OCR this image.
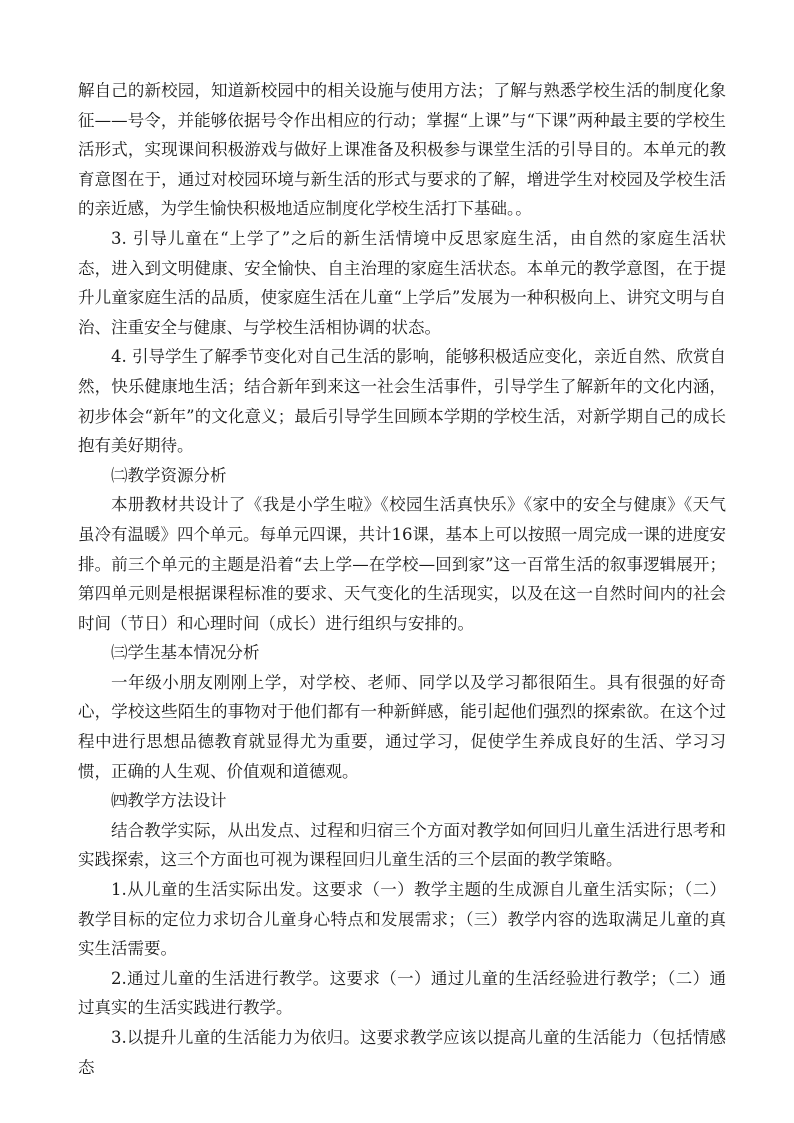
解自己的新校园，知道新校园中的相关设施与使用方法；了解与熟悉学校生活的制度化象征——号令，并能够依据号令作出相应的行动；掌握“上课”与“下课”两种最主要的学校生活形式，实现课间积极游戏与做好上课准备及积极参与课堂生活的引导目的。本单元的教育意图在于，通过对校园环境与新生活的形式与要求的了解，增进学生对校园及学校生活的亲近感，为学生愉快积极地适应制度化学校生活打下基础。。

3. 引导儿童在“上学了”之后的新生活情境中反思家庭生活，由自然的家庭生活状态，进入到文明健康、安全愉快、自主治理的家庭生活状态。本单元的教学意图，在于提升儿童家庭生活的品质，使家庭生活在儿童“上学后”发展为一种积极向上、讲究文明与自治、注重安全与健康、与学校生活相协调的状态。

4. 引导学生了解季节变化对自己生活的影响，能够积极适应变化，亲近自然、欣赏自然，快乐健康地生活；结合新年到来这一社会生活事件，引导学生了解新年的文化内涵，初步体会“新年”的文化意义；最后引导学生回顾本学期的学校生活，对新学期自己的成长抱有美好期待。

㈡教学资源分析

本册教材共设计了《我是小学生啦》《校园生活真快乐》《家中的安全与健康》《天气虽冷有温暖》四个单元。每单元四课，共计16课，基本上可以按照一周完成一课的进度安排。前三个单元的主题是沿着“去上学—在学校—回到家”这一百常生活的叙事逻辑展开；第四单元则是根据课程标准的要求、天气变化的生活现实，以及在这一自然时间内的社会时间（节日）和心理时间（成长）进行组织与安排的。

㈢学生基本情况分析

一年级小朋友刚刚上学，对学校、老师、同学以及学习都很陌生。具有很强的好奇心，学校这些陌生的事物对于他们都有一种新鲜感，能引起他们强烈的探索欲。在这个过程中进行思想品德教育就显得尤为重要，通过学习，促使学生养成良好的生活、学习习惯，正确的人生观、价值观和道德观。

㈣教学方法设计

结合教学实际，从出发点、过程和归宿三个方面对教学如何回归儿童生活进行思考和实践探索，这三个方面也可视为课程回归儿童生活的三个层面的教学策略。

1.从儿童的生活实际出发。这要求（一）教学主题的生成源自儿童生活实际；（二）教学目标的定位力求切合儿童身心特点和发展需求；（三）教学内容的选取满足儿童的真实生活需要。

2.通过儿童的生活进行教学。这要求（一）通过儿童的生活经验进行教学；（二）通过真实的生活实践进行教学。

3.以提升儿童的生活能力为依归。这要求教学应该以提高儿童的生活能力（包括情感态
